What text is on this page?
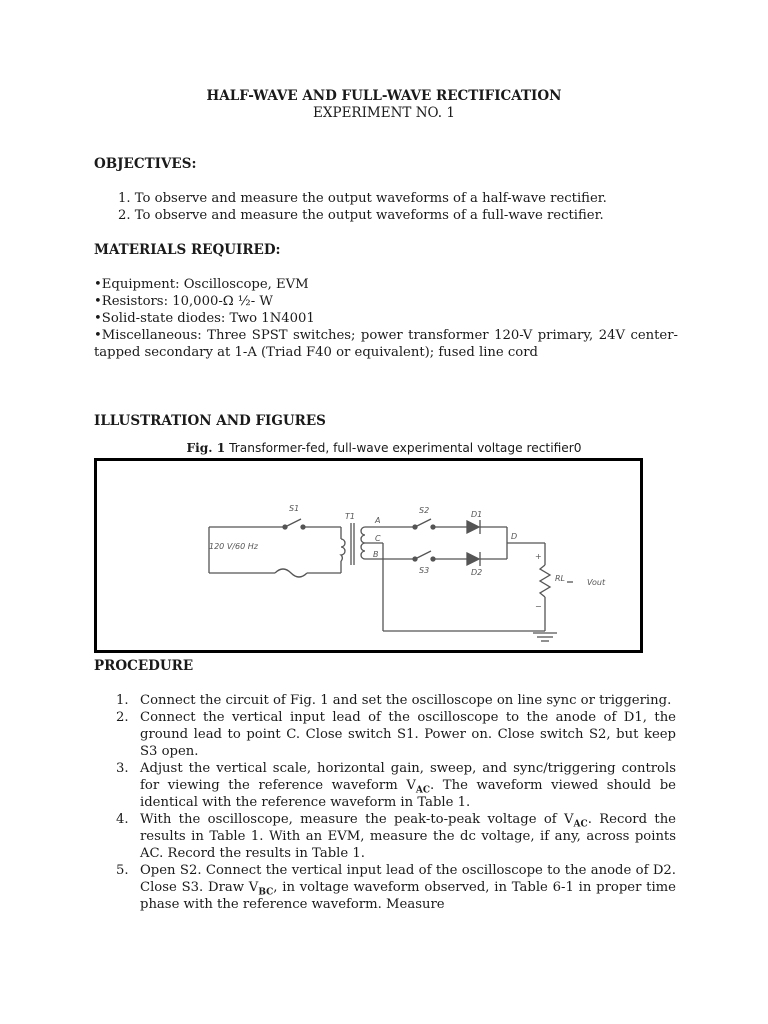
HALF-WAVE AND FULL-WAVE RECTIFICATION
EXPERIMENT NO. 1
OBJECTIVES:
1. To observe and measure the output waveforms of a half-wave rectifier.
2. To observe and measure the output waveforms of a full-wave rectifier.
MATERIALS REQUIRED:
•Equipment: Oscilloscope, EVM
•Resistors: 10,000-Ω ½- W
•Solid-state diodes: Two 1N4001
•Miscellaneous: Three SPST switches; power transformer 120-V primary, 24V center-tapped secondary at 1-A (Triad F40 or equivalent); fused line cord
ILLUSTRATION AND FIGURES
Fig. 1 Transformer-fed, full-wave experimental voltage rectifier0
120 V/60 Hz
S1
T1	A
C
B
S2
S3
D1
D2
D
+
RL
−
Vout
PROCEDURE
1. Connect the circuit of Fig. 1 and set the oscilloscope on line sync or triggering.
2. Connect the vertical input lead of the oscilloscope to the anode of D1, the ground lead to point C. Close switch S1. Power on. Close switch S2, but keep S3 open.
3. Adjust the vertical scale, horizontal gain, sweep, and sync/triggering controls for viewing the reference waveform $V_{AC}$. The waveform viewed should be identical with the reference waveform in Table 1.
4. With the oscilloscope, measure the peak-to-peak voltage of $V_{AC}$. Record the results in Table 1. With an EVM, measure the dc voltage, if any, across points AC. Record the results in Table 1.
5. Open S2. Connect the vertical input lead of the oscilloscope to the anode of D2. Close S3. Draw $V_{BC}$, in voltage waveform observed, in Table 6-1 in proper time phase with the reference waveform. Measure
